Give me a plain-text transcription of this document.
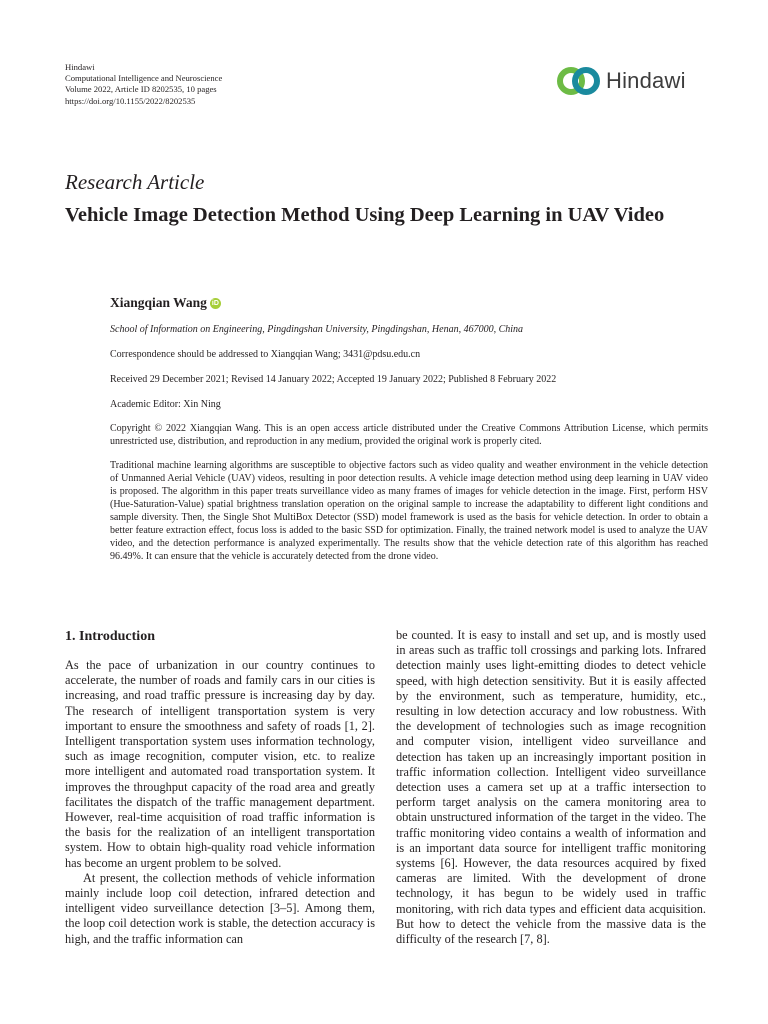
Hindawi
Computational Intelligence and Neuroscience
Volume 2022, Article ID 8202535, 10 pages
https://doi.org/10.1155/2022/8202535
Hindawi
Research Article
Vehicle Image Detection Method Using Deep Learning in UAV Video
Xiangqian Wang iD
School of Information on Engineering, Pingdingshan University, Pingdingshan, Henan, 467000, China
Correspondence should be addressed to Xiangqian Wang; 3431@pdsu.edu.cn
Received 29 December 2021; Revised 14 January 2022; Accepted 19 January 2022; Published 8 February 2022
Academic Editor: Xin Ning
Copyright © 2022 Xiangqian Wang. This is an open access article distributed under the Creative Commons Attribution License, which permits unrestricted use, distribution, and reproduction in any medium, provided the original work is properly cited.
Traditional machine learning algorithms are susceptible to objective factors such as video quality and weather environment in the vehicle detection of Unmanned Aerial Vehicle (UAV) videos, resulting in poor detection results. A vehicle image detection method using deep learning in UAV video is proposed. The algorithm in this paper treats surveillance video as many frames of images for vehicle detection in the image. First, perform HSV (Hue-Saturation-Value) spatial brightness translation operation on the original sample to increase the adaptability to different light conditions and sample diversity. Then, the Single Shot MultiBox Detector (SSD) model framework is used as the basis for vehicle detection. In order to obtain a better feature extraction effect, focus loss is added to the basic SSD for optimization. Finally, the trained network model is used to analyze the UAV video, and the detection performance is analyzed experimentally. The results show that the vehicle detection rate of this algorithm has reached 96.49%. It can ensure that the vehicle is accurately detected from the drone video.
1. Introduction

As the pace of urbanization in our country continues to accelerate, the number of roads and family cars in our cities is increasing, and road traffic pressure is increasing day by day. The research of intelligent transportation system is very important to ensure the smoothness and safety of roads [1, 2]. Intelligent transportation system uses information technology, such as image recognition, computer vision, etc. to realize more intelligent and automated road transportation system. It improves the throughput capacity of the road area and greatly facilitates the dispatch of the traffic management department. However, real-time acquisition of road traffic information is the basis for the realization of an intelligent transportation system. How to obtain high-quality road vehicle information has become an urgent problem to be solved.

At present, the collection methods of vehicle information mainly include loop coil detection, infrared detection and intelligent video surveillance detection [3–5]. Among them, the loop coil detection work is stable, the detection accuracy is high, and the traffic information can

be counted. It is easy to install and set up, and is mostly used in areas such as traffic toll crossings and parking lots. Infrared detection mainly uses light-emitting diodes to detect vehicle speed, with high detection sensitivity. But it is easily affected by the environment, such as temperature, humidity, etc., resulting in low detection accuracy and low robustness. With the development of technologies such as image recognition and computer vision, intelligent video surveillance and detection has taken up an increasingly important position in traffic information collection. Intelligent video surveillance detection uses a camera set up at a traffic intersection to perform target analysis on the camera monitoring area to obtain unstructured information of the target in the video. The traffic monitoring video contains a wealth of information and is an important data source for intelligent traffic monitoring systems [6]. However, the data resources acquired by fixed cameras are limited. With the development of drone technology, it has begun to be widely used in traffic monitoring, with rich data types and efficient data acquisition. But how to detect the vehicle from the massive data is the difficulty of the research [7, 8].
